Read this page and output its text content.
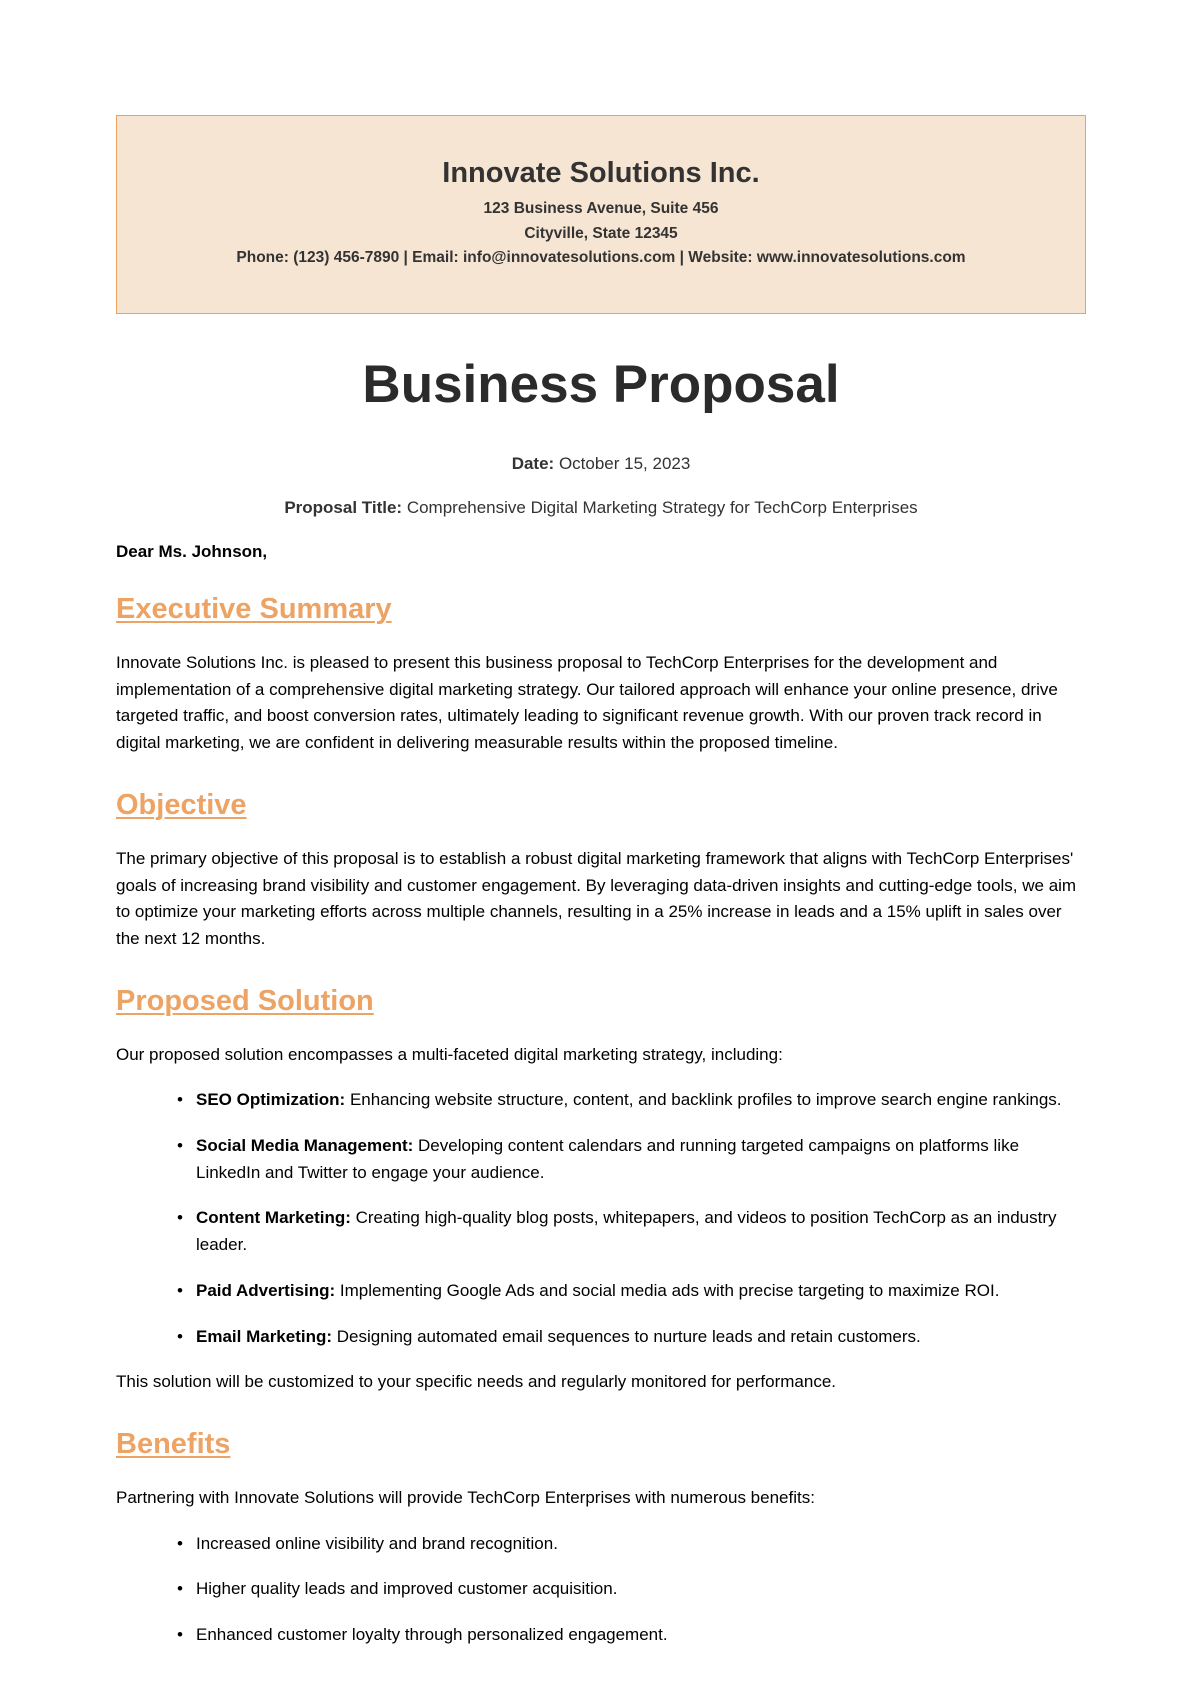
Innovate Solutions Inc.

123 Business Avenue, Suite 456

Cityville, State 12345

Phone: (123) 456-7890 | Email: info@innovatesolutions.com | Website: www.innovatesolutions.com

Business Proposal
Date: October 15, 2023
Proposal Title: Comprehensive Digital Marketing Strategy for TechCorp Enterprises
Dear Ms. Johnson,
Executive Summary

Innovate Solutions Inc. is pleased to present this business proposal to TechCorp Enterprises for the development and implementation of a comprehensive digital marketing strategy. Our tailored approach will enhance your online presence, drive targeted traffic, and boost conversion rates, ultimately leading to significant revenue growth. With our proven track record in digital marketing, we are confident in delivering measurable results within the proposed timeline.

Objective

The primary objective of this proposal is to establish a robust digital marketing framework that aligns with TechCorp Enterprises' goals of increasing brand visibility and customer engagement. By leveraging data-driven insights and cutting-edge tools, we aim to optimize your marketing efforts across multiple channels, resulting in a 25% increase in leads and a 15% uplift in sales over the next 12 months.

Proposed Solution

Our proposed solution encompasses a multi-faceted digital marketing strategy, including:

• SEO Optimization: Enhancing website structure, content, and backlink profiles to improve search engine rankings.
• Social Media Management: Developing content calendars and running targeted campaigns on platforms like LinkedIn and Twitter to engage your audience.
• Content Marketing: Creating high-quality blog posts, whitepapers, and videos to position TechCorp as an industry leader.
• Paid Advertising: Implementing Google Ads and social media ads with precise targeting to maximize ROI.
• Email Marketing: Designing automated email sequences to nurture leads and retain customers.

This solution will be customized to your specific needs and regularly monitored for performance.

Benefits

Partnering with Innovate Solutions will provide TechCorp Enterprises with numerous benefits:

• Increased online visibility and brand recognition.
• Higher quality leads and improved customer acquisition.
• Enhanced customer loyalty through personalized engagement.
